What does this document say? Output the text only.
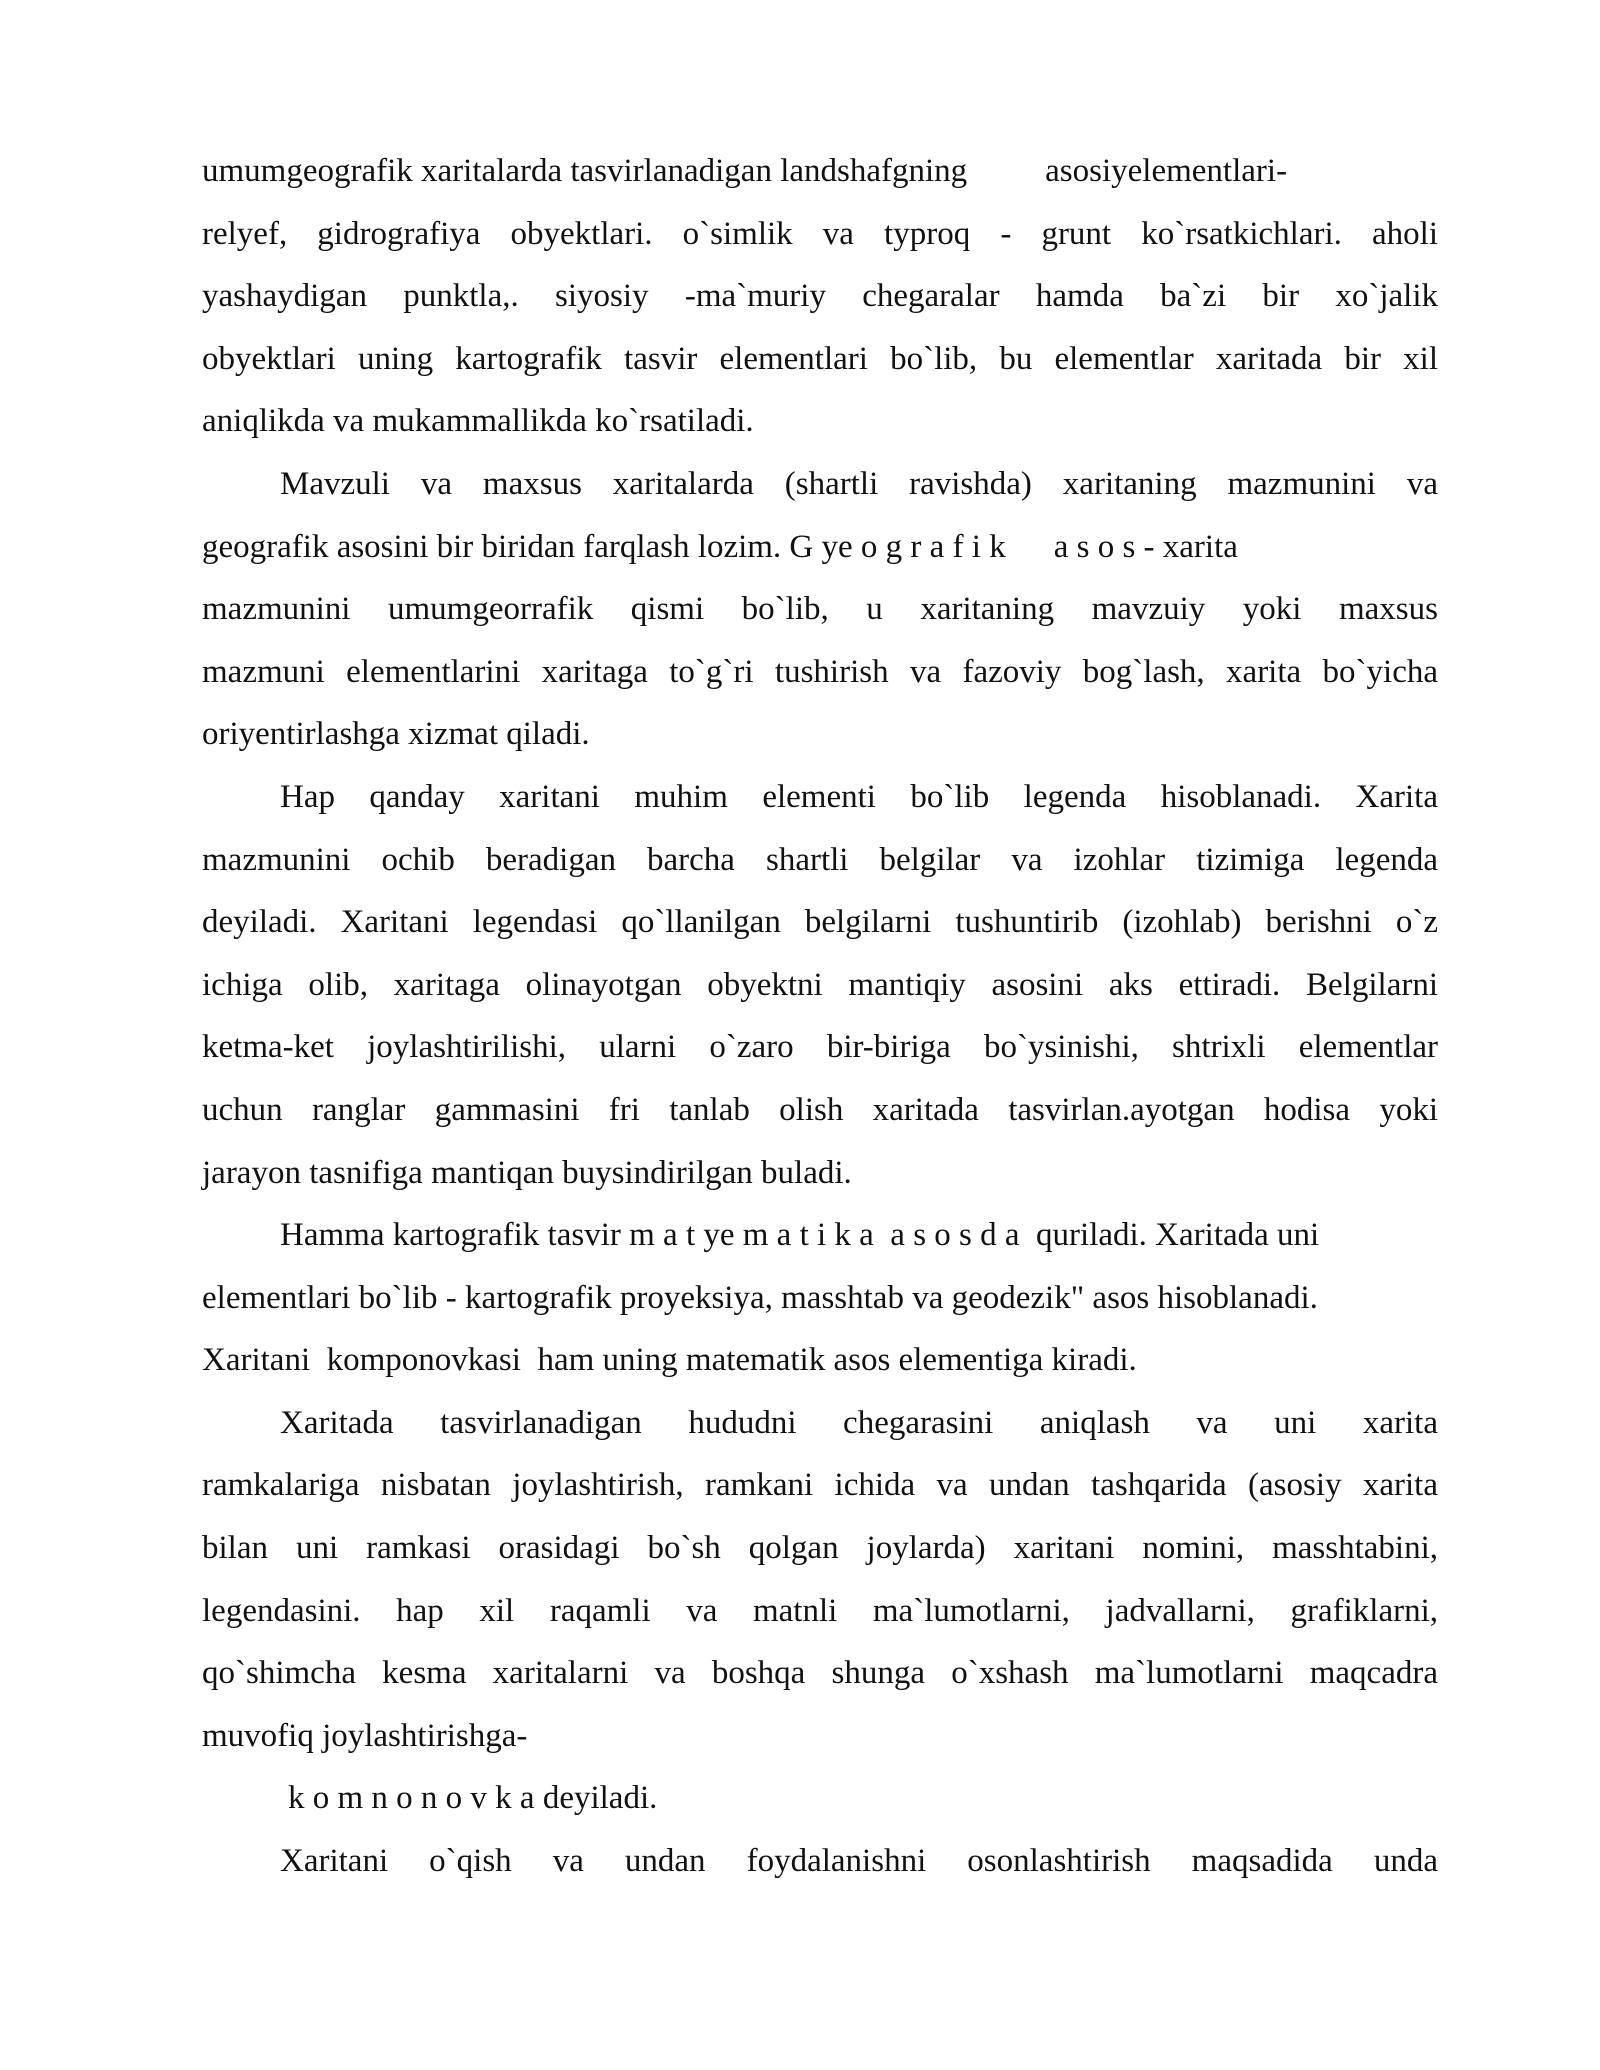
umumgeografik xaritalarda tasvirlanadigan landshafgning asosiyelementlari-
relyef, gidrografiya obyektlari. o`simlik va typroq - grunt ko`rsatkichlari. aholi
yashaydigan punktla,. siyosiy -ma`muriy chegaralar hamda ba`zi bir xo`jalik
obyektlari uning kartografik tasvir elementlari bo`lib, bu elementlar xaritada bir xil
aniqlikda va mukammallikda ko`rsatiladi.
Mavzuli va maxsus xaritalarda (shartli ravishda) xaritaning mazmunini va
geografik asosini bir biridan farqlash lozim. G ye o g r a f i k a s o s - xarita
mazmunini umumgeorrafik qismi bo`lib, u xaritaning mavzuiy yoki maxsus
mazmuni elementlarini xaritaga to`g`ri tushirish va fazoviy bog`lash, xarita bo`yicha
oriyentirlashga xizmat qiladi.
Hap qanday xaritani muhim elementi bo`lib legenda hisoblanadi. Xarita
mazmunini ochib beradigan barcha shartli belgilar va izohlar tizimiga legenda
deyiladi. Xaritani legendasi qo`llanilgan belgilarni tushuntirib (izohlab) berishni o`z
ichiga olib, xaritaga olinayotgan obyektni mantiqiy asosini aks ettiradi. Belgilarni
ketma-ket joylashtirilishi, ularni o`zaro bir-biriga bo`ysinishi, shtrixli elementlar
uchun ranglar gammasini fri tanlab olish xaritada tasvirlan.ayotgan hodisa yoki
jarayon tasnifiga mantiqan buysindirilgan buladi.
Hamma kartografik tasvir m a t ye m a t i k a  a s o s d a  quriladi. Xaritada uni
elementlari bo`lib - kartografik proyeksiya, masshtab va geodezik" asos hisoblanadi.
Xaritani  komponovkasi  ham uning matematik asos elementiga kiradi.
Xaritada tasvirlanadigan hududni chegarasini aniqlash va uni xarita
ramkalariga nisbatan joylashtirish, ramkani ichida va undan tashqarida (asosiy xarita
bilan uni ramkasi orasidagi bo`sh qolgan joylarda) xaritani nomini, masshtabini,
legendasini. hap xil raqamli va matnli ma`lumotlarni, jadvallarni, grafiklarni,
qo`shimcha kesma xaritalarni va boshqa shunga o`xshash ma`lumotlarni maqcadra
muvofiq joylashtirishga-
k o m n o n o v k a deyiladi.
Xaritani o`qish va undan foydalanishni osonlashtirish maqsadida unda
